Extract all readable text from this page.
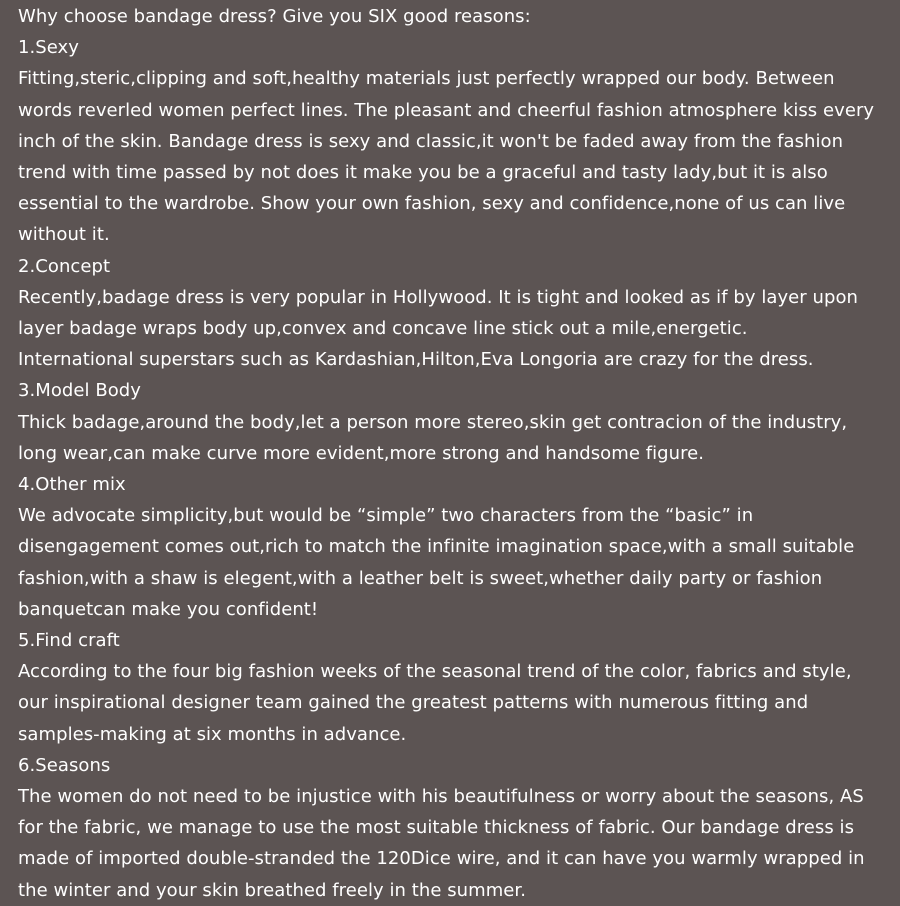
Why choose bandage dress? Give you SIX good reasons:

1.Sexy

Fitting,steric,clipping and soft,healthy materials just perfectly wrapped our body. Between

words reverled women perfect lines. The pleasant and cheerful fashion atmosphere kiss every

inch of the skin. Bandage dress is sexy and classic,it won't be faded away from the fashion

trend with time passed by not does it make you be a graceful and tasty lady,but it is also

essential to the wardrobe. Show your own fashion, sexy and confidence,none of us can live

without it.

2.Concept

Recently,badage dress is very popular in Hollywood. It is tight and looked as if by layer upon

layer badage wraps body up,convex and concave line stick out a mile,energetic.

International superstars such as Kardashian,Hilton,Eva Longoria are crazy for the dress.

3.Model Body

Thick badage,around the body,let a person more stereo,skin get contracion of the industry,

long wear,can make curve more evident,more strong and handsome figure.

4.Other mix

We advocate simplicity,but would be “simple” two characters from the “basic” in

disengagement comes out,rich to match the infinite imagination space,with a small suitable

fashion,with a shaw is elegent,with a leather belt is sweet,whether daily party or fashion

banquetcan make you confident!

5.Find craft

According to the four big fashion weeks of the seasonal trend of the color, fabrics and style,

our inspirational designer team gained the greatest patterns with numerous fitting and

samples-making at six months in advance.

6.Seasons

The women do not need to be injustice with his beautifulness or worry about the seasons, AS

for the fabric, we manage to use the most suitable thickness of fabric. Our bandage dress is

made of imported double-stranded the 120Dice wire, and it can have you warmly wrapped in

the winter and your skin breathed freely in the summer.
